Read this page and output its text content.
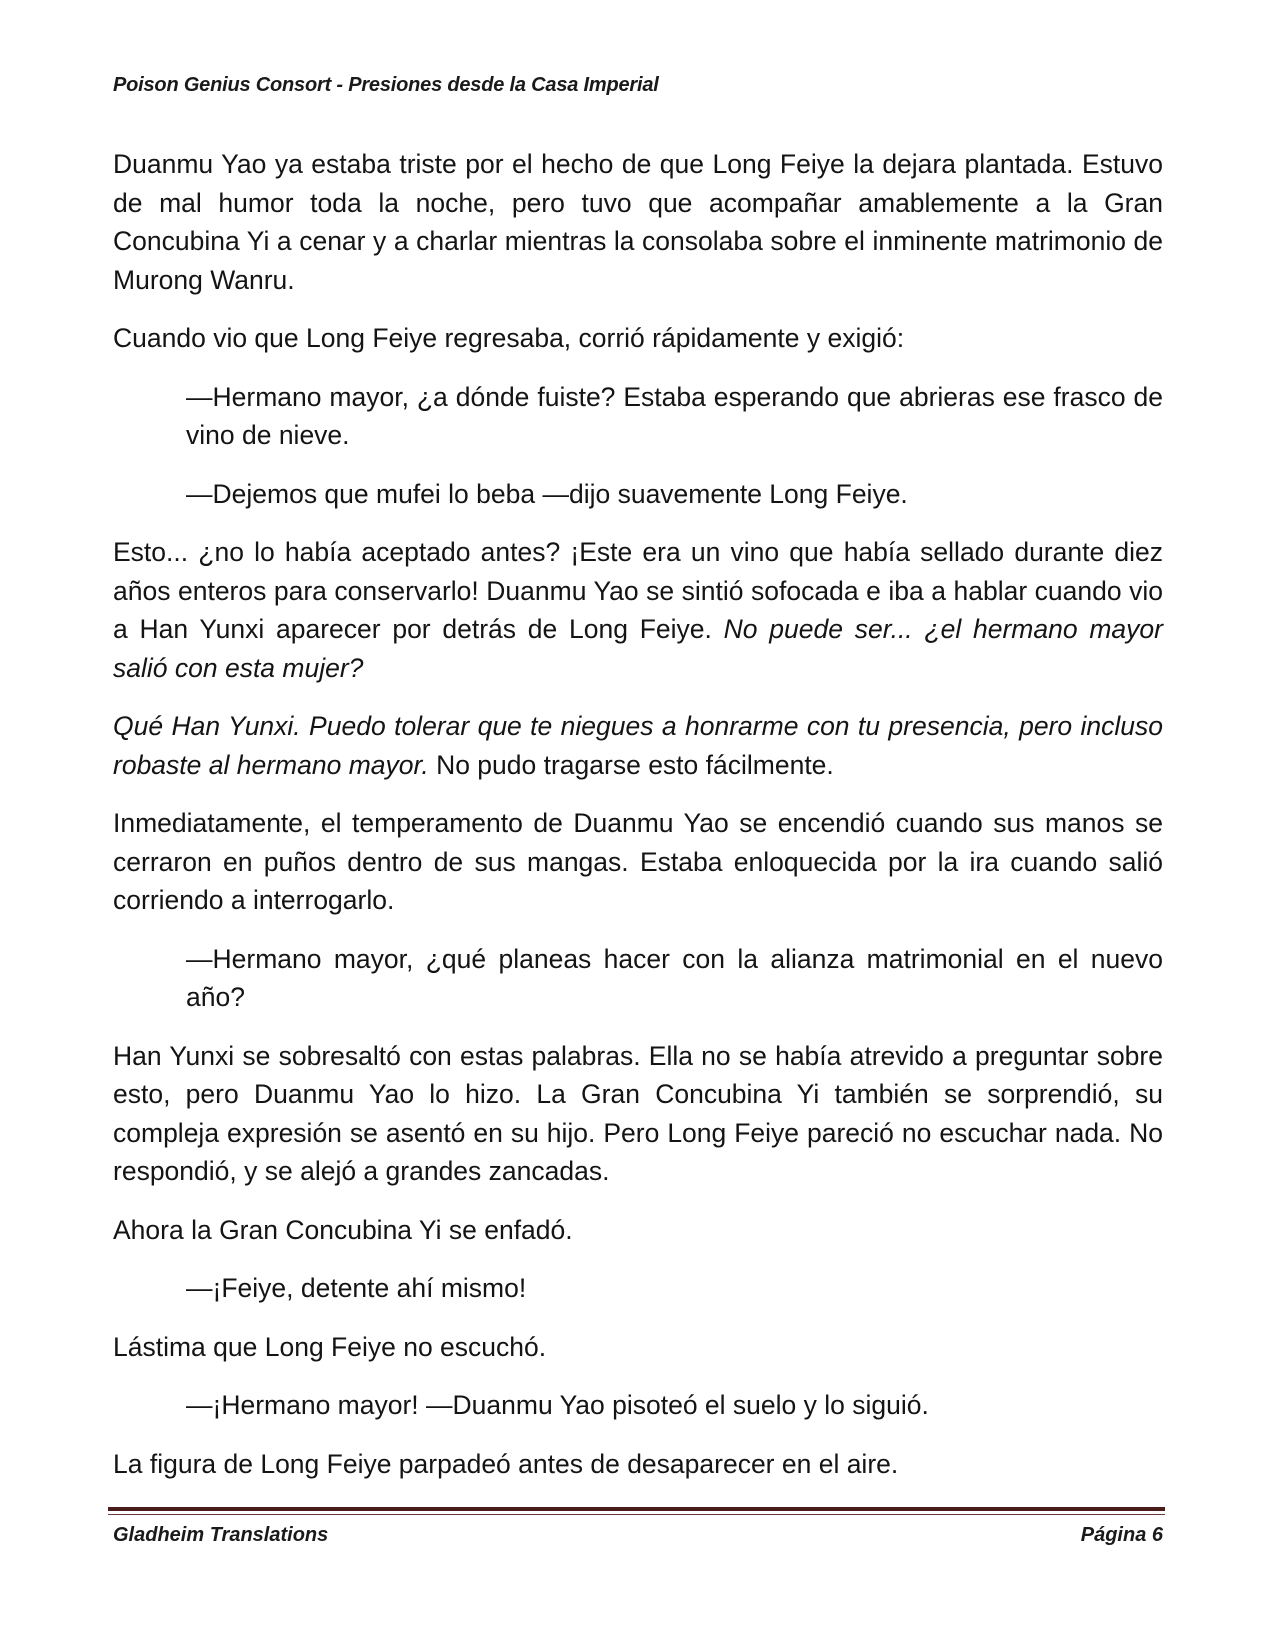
Poison Genius Consort - Presiones desde la Casa Imperial

Duanmu Yao ya estaba triste por el hecho de que Long Feiye la dejara plantada. Estuvo de mal humor toda la noche, pero tuvo que acompañar amablemente a la Gran Concubina Yi a cenar y a charlar mientras la consolaba sobre el inminente matrimonio de Murong Wanru.

Cuando vio que Long Feiye regresaba, corrió rápidamente y exigió:

—Hermano mayor, ¿a dónde fuiste? Estaba esperando que abrieras ese frasco de vino de nieve.

—Dejemos que mufei lo beba —dijo suavemente Long Feiye.

Esto... ¿no lo había aceptado antes? ¡Este era un vino que había sellado durante diez años enteros para conservarlo! Duanmu Yao se sintió sofocada e iba a hablar cuando vio a Han Yunxi aparecer por detrás de Long Feiye. No puede ser... ¿el hermano mayor salió con esta mujer?

Qué Han Yunxi. Puedo tolerar que te niegues a honrarme con tu presencia, pero incluso robaste al hermano mayor. No pudo tragarse esto fácilmente.

Inmediatamente, el temperamento de Duanmu Yao se encendió cuando sus manos se cerraron en puños dentro de sus mangas. Estaba enloquecida por la ira cuando salió corriendo a interrogarlo.

—Hermano mayor, ¿qué planeas hacer con la alianza matrimonial en el nuevo año?

Han Yunxi se sobresaltó con estas palabras. Ella no se había atrevido a preguntar sobre esto, pero Duanmu Yao lo hizo. La Gran Concubina Yi también se sorprendió, su compleja expresión se asentó en su hijo. Pero Long Feiye pareció no escuchar nada. No respondió, y se alejó a grandes zancadas.

Ahora la Gran Concubina Yi se enfadó.

—¡Feiye, detente ahí mismo!

Lástima que Long Feiye no escuchó.

—¡Hermano mayor! —Duanmu Yao pisoteó el suelo y lo siguió.

La figura de Long Feiye parpadeó antes de desaparecer en el aire.

Gladheim Translations	Página 6
